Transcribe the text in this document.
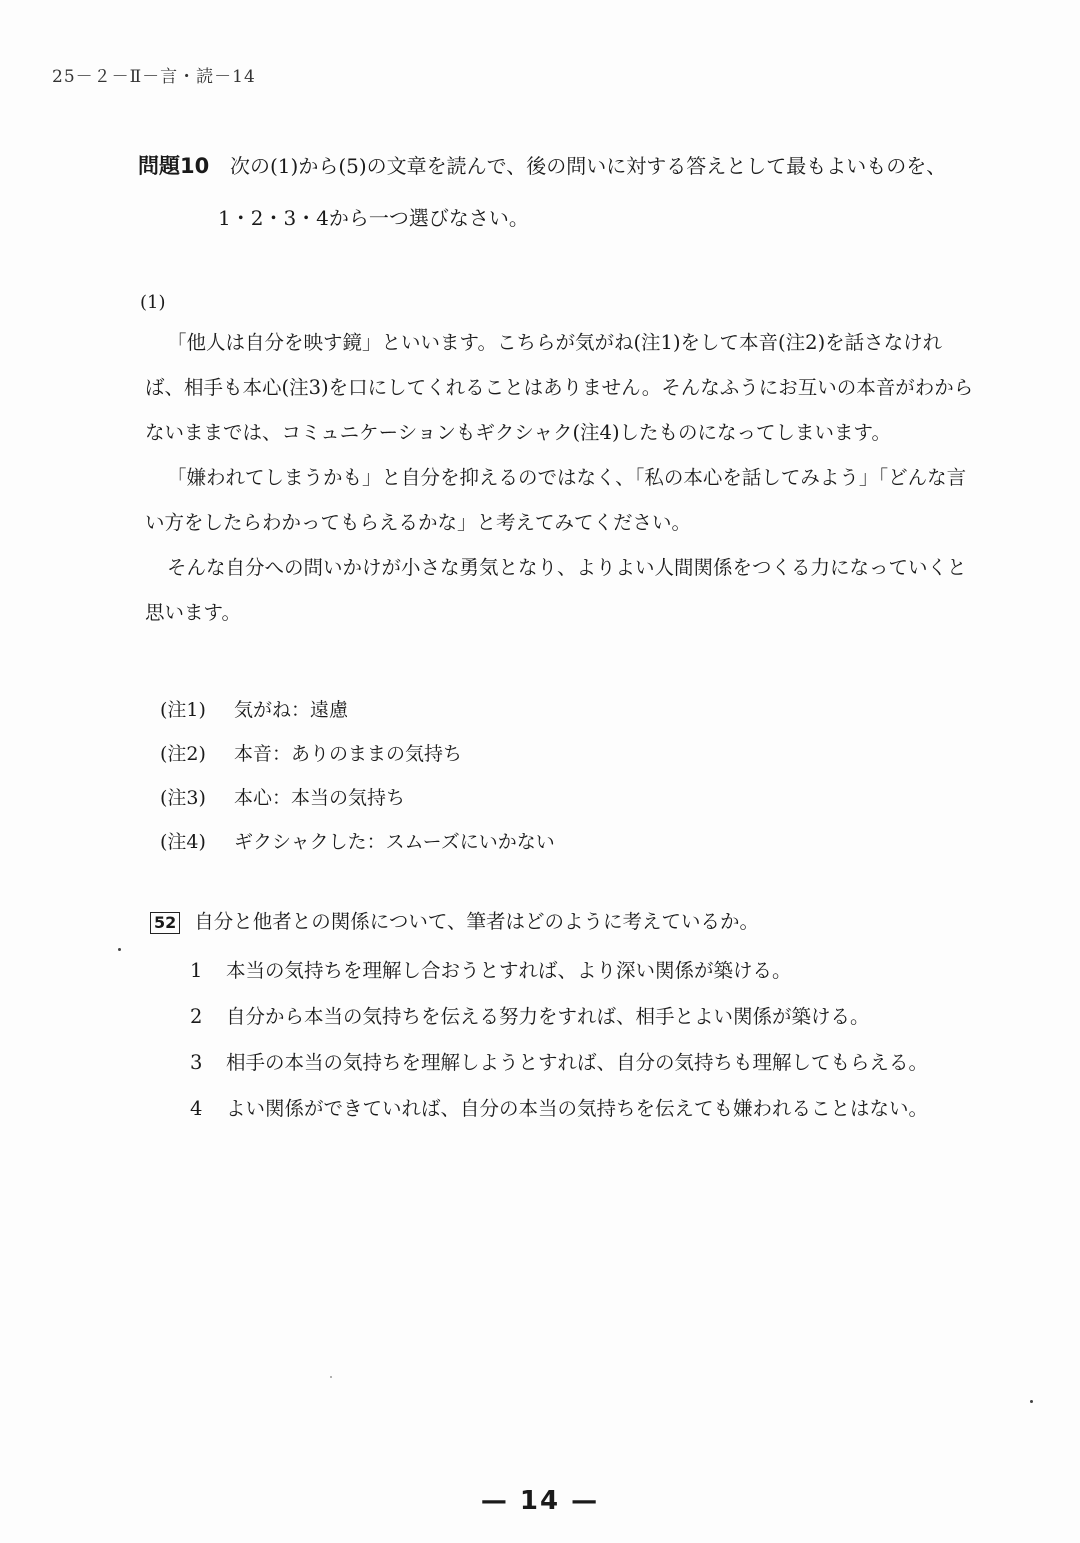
25－２－Ⅱ－言・読－14
問題10 次の(1)から(5)の文章を読んで、後の問いに対する答えとして最もよいものを、
1・2・3・4から一つ選びなさい。
(1)

「他人は自分を映す鏡」といいます。こちらが気がね(注1)をして本音(注2)を話さなければ、相手も本心(注3)を口にしてくれることはありません。そんなふうにお互いの本音がわからないままでは、コミュニケーションもギクシャク(注4)したものになってしまいます。

「嫌われてしまうかも」と自分を抑えるのではなく、「私の本心を話してみよう」「どんな言い方をしたらわかってもらえるかな」と考えてみてください。

そんな自分への問いかけが小さな勇気となり、よりよい人間関係をつくる力になっていくと思います。

(注1) 気がね：遠慮
(注2) 本音：ありのままの気持ち
(注3) 本心：本当の気持ち
(注4) ギクシャクした：スムーズにいかない
52 自分と他者との関係について、筆者はどのように考えているか。
1 本当の気持ちを理解し合おうとすれば、より深い関係が築ける。
2 自分から本当の気持ちを伝える努力をすれば、相手とよい関係が築ける。
3 相手の本当の気持ちを理解しようとすれば、自分の気持ちも理解してもらえる。
4 よい関係ができていれば、自分の本当の気持ちを伝えても嫌われることはない。
— 14 —
